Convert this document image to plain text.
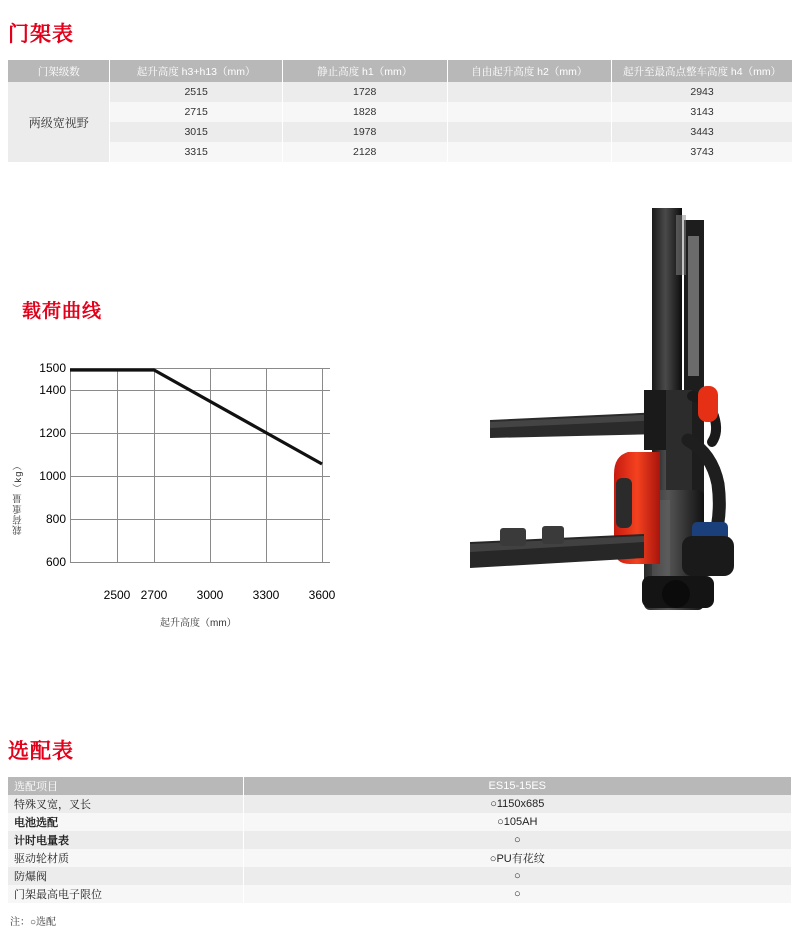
门架表
门架级数	起升高度 h3+h13（mm）	静止高度 h1（mm）	自由起升高度 h2（mm）	起升至最高点整车高度 h4（mm）
两级宽视野	2515	1728		2943
	2715	1828		3143
	3015	1978		3443
	3315	2128		3743
载荷曲线
载荷重量（kg）
起升高度（mm）
1500
1400
1200
1000
800
600
2500 2700 3000 3300 3600
选配表
选配项目	ES15-15ES
特殊叉宽，叉长	○1150x685
电池选配	○105AH
计时电量表	○
驱动轮材质	○PU有花纹
防爆阀	○
门架最高电子限位	○
注：○选配
